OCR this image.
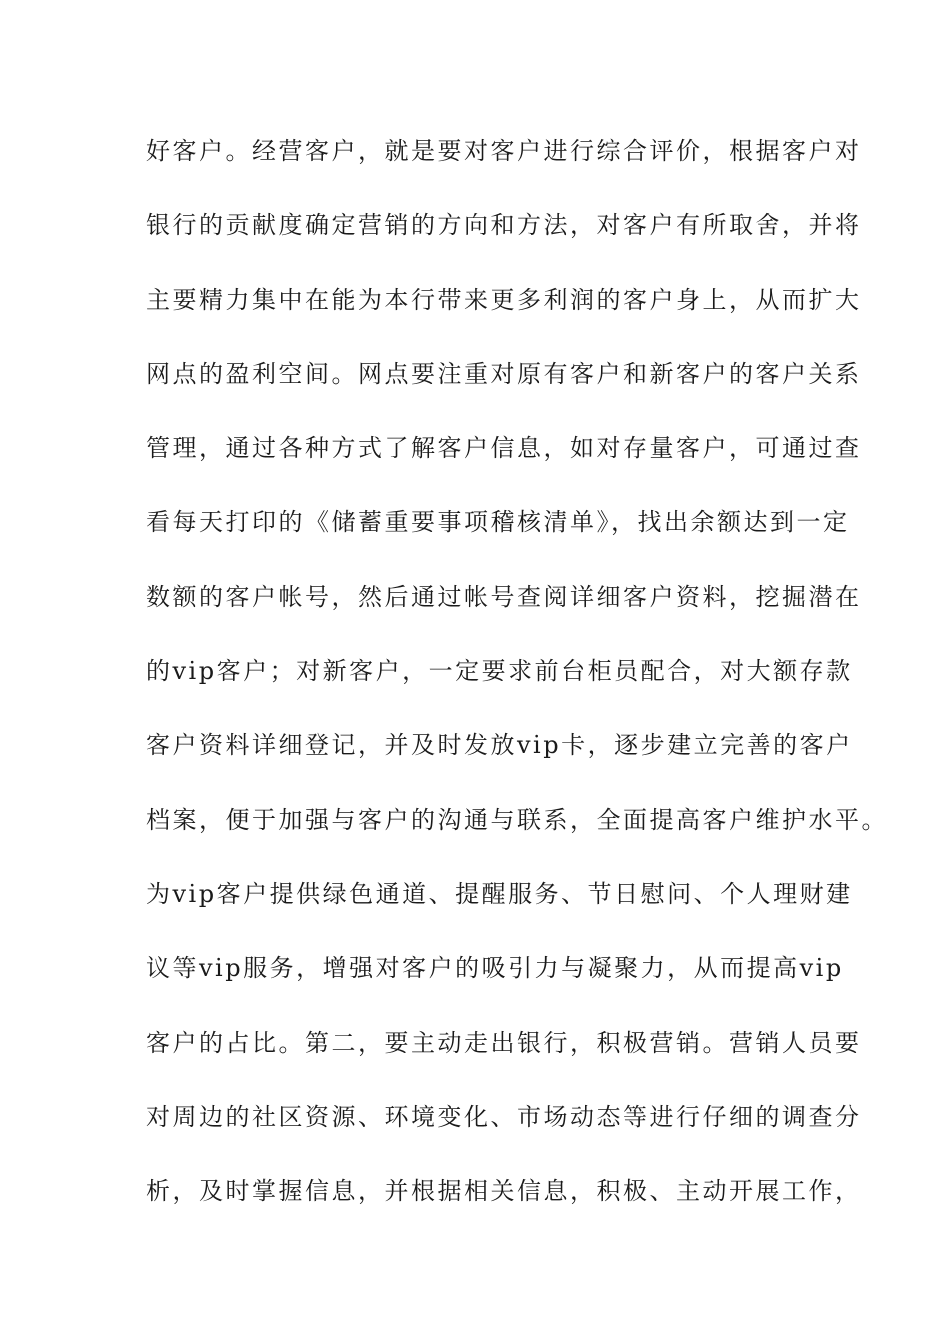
好客户。经营客户，就是要对客户进行综合评价，根据客户对
银行的贡献度确定营销的方向和方法，对客户有所取舍，并将
主要精力集中在能为本行带来更多利润的客户身上，从而扩大
网点的盈利空间。网点要注重对原有客户和新客户的客户关系
管理，通过各种方式了解客户信息，如对存量客户，可通过查
看每天打印的《储蓄重要事项稽核清单》，找出余额达到一定
数额的客户帐号，然后通过帐号查阅详细客户资料，挖掘潜在
的vip客户；对新客户，一定要求前台柜员配合，对大额存款
客户资料详细登记，并及时发放vip卡，逐步建立完善的客户
档案，便于加强与客户的沟通与联系，全面提高客户维护水平。
为vip客户提供绿色通道、提醒服务、节日慰问、个人理财建
议等vip服务，增强对客户的吸引力与凝聚力，从而提高vip
客户的占比。第二，要主动走出银行，积极营销。营销人员要
对周边的社区资源、环境变化、市场动态等进行仔细的调查分
析，及时掌握信息，并根据相关信息，积极、主动开展工作，
